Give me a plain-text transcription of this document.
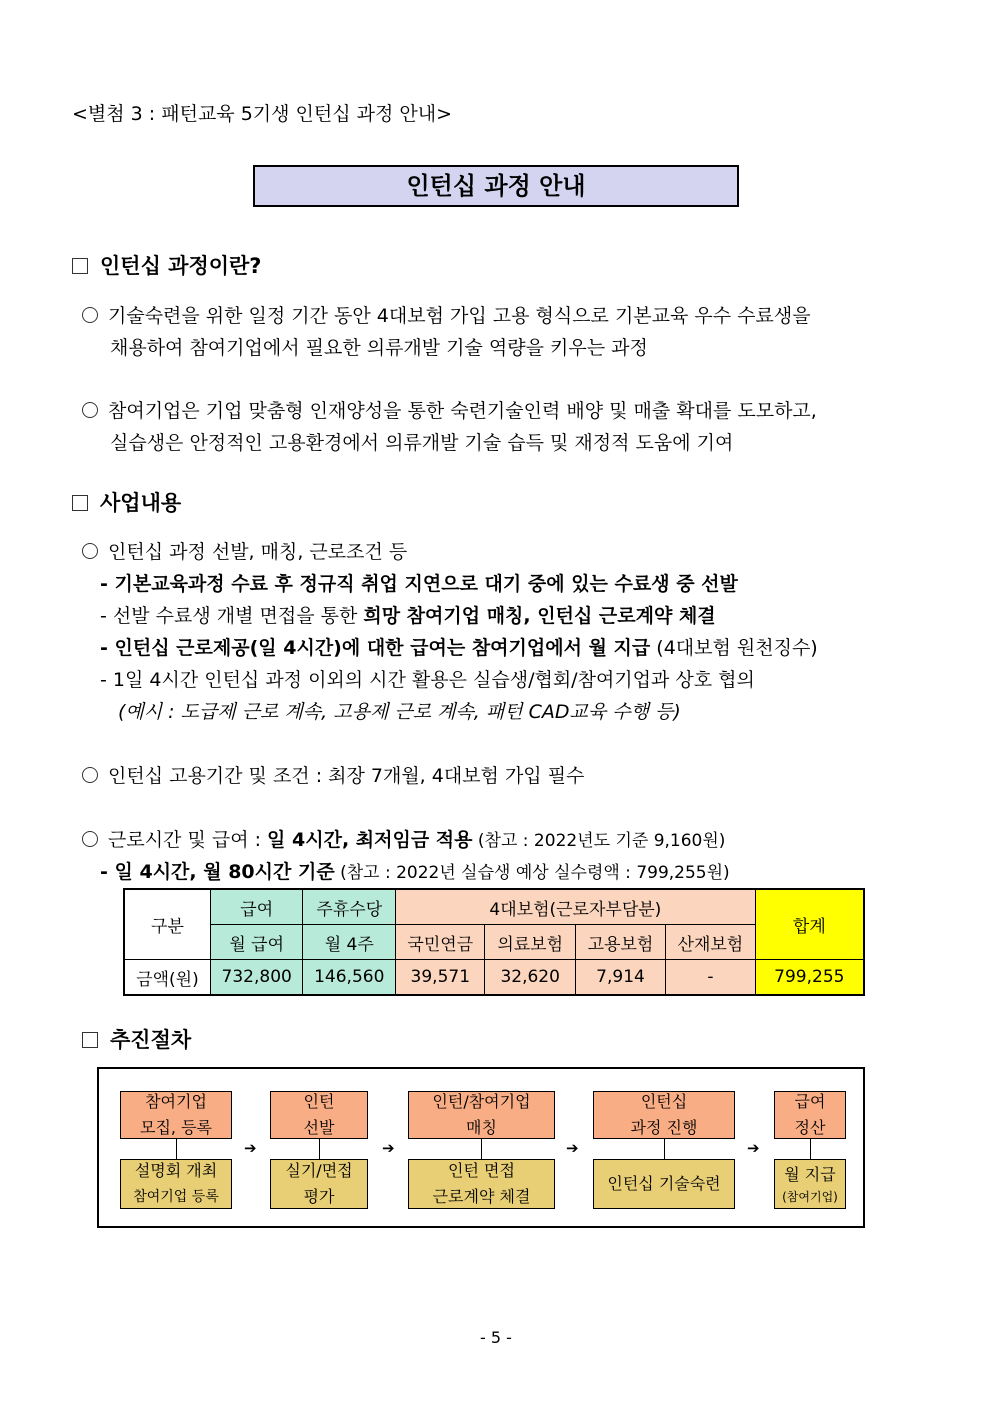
<별첨 3 : 패턴교육 5기생 인턴십 과정 안내>
인턴십 과정 안내
인턴십 과정이란?
기술숙련을 위한 일정 기간 동안 4대보험 가입 고용 형식으로 기본교육 우수 수료생을
채용하여 참여기업에서 필요한 의류개발 기술 역량을 키우는 과정
참여기업은 기업 맞춤형 인재양성을 통한 숙련기술인력 배양 및 매출 확대를 도모하고,
실습생은 안정적인 고용환경에서 의류개발 기술 습득 및 재정적 도움에 기여
사업내용
인턴십 과정 선발, 매칭, 근로조건 등
- 기본교육과정 수료 후 정규직 취업 지연으로 대기 중에 있는 수료생 중 선발
- 선발 수료생 개별 면접을 통한 희망 참여기업 매칭, 인턴십 근로계약 체결
- 인턴십 근로제공(일 4시간)에 대한 급여는 참여기업에서 월 지급 (4대보험 원천징수)
- 1일 4시간 인턴십 과정 이외의 시간 활용은 실습생/협회/참여기업과 상호 협의
(예시 : 도급제 근로 계속, 고용제 근로 계속, 패턴 CAD교육 수행 등)
인턴십 고용기간 및 조건 : 최장 7개월, 4대보험 가입 필수
근로시간 및 급여 : 일 4시간, 최저임금 적용 (참고 : 2022년도 기준 9,160원)
- 일 4시간, 월 80시간 기준 (참고 : 2022년 실습생 예상 실수령액 : 799,255원)
구분	급여	주휴수당	4대보험(근로자부담분)				합계
	월 급여	월 4주	국민연금	의료보험	고용보험	산재보험	
금액(원)	732,800	146,560	39,571	32,620	7,914	-	799,255
추진절차
참여기업
모집, 등록
설명회 개최
참여기업 등록
➔
인턴
선발
실기/면접
평가
➔
인턴/참여기업
매칭
인턴 면접
근로계약 체결
➔
인턴십
과정 진행
인턴십 기술숙련
➔
급여
정산
월 지급
(참여기업)
- 5 -
